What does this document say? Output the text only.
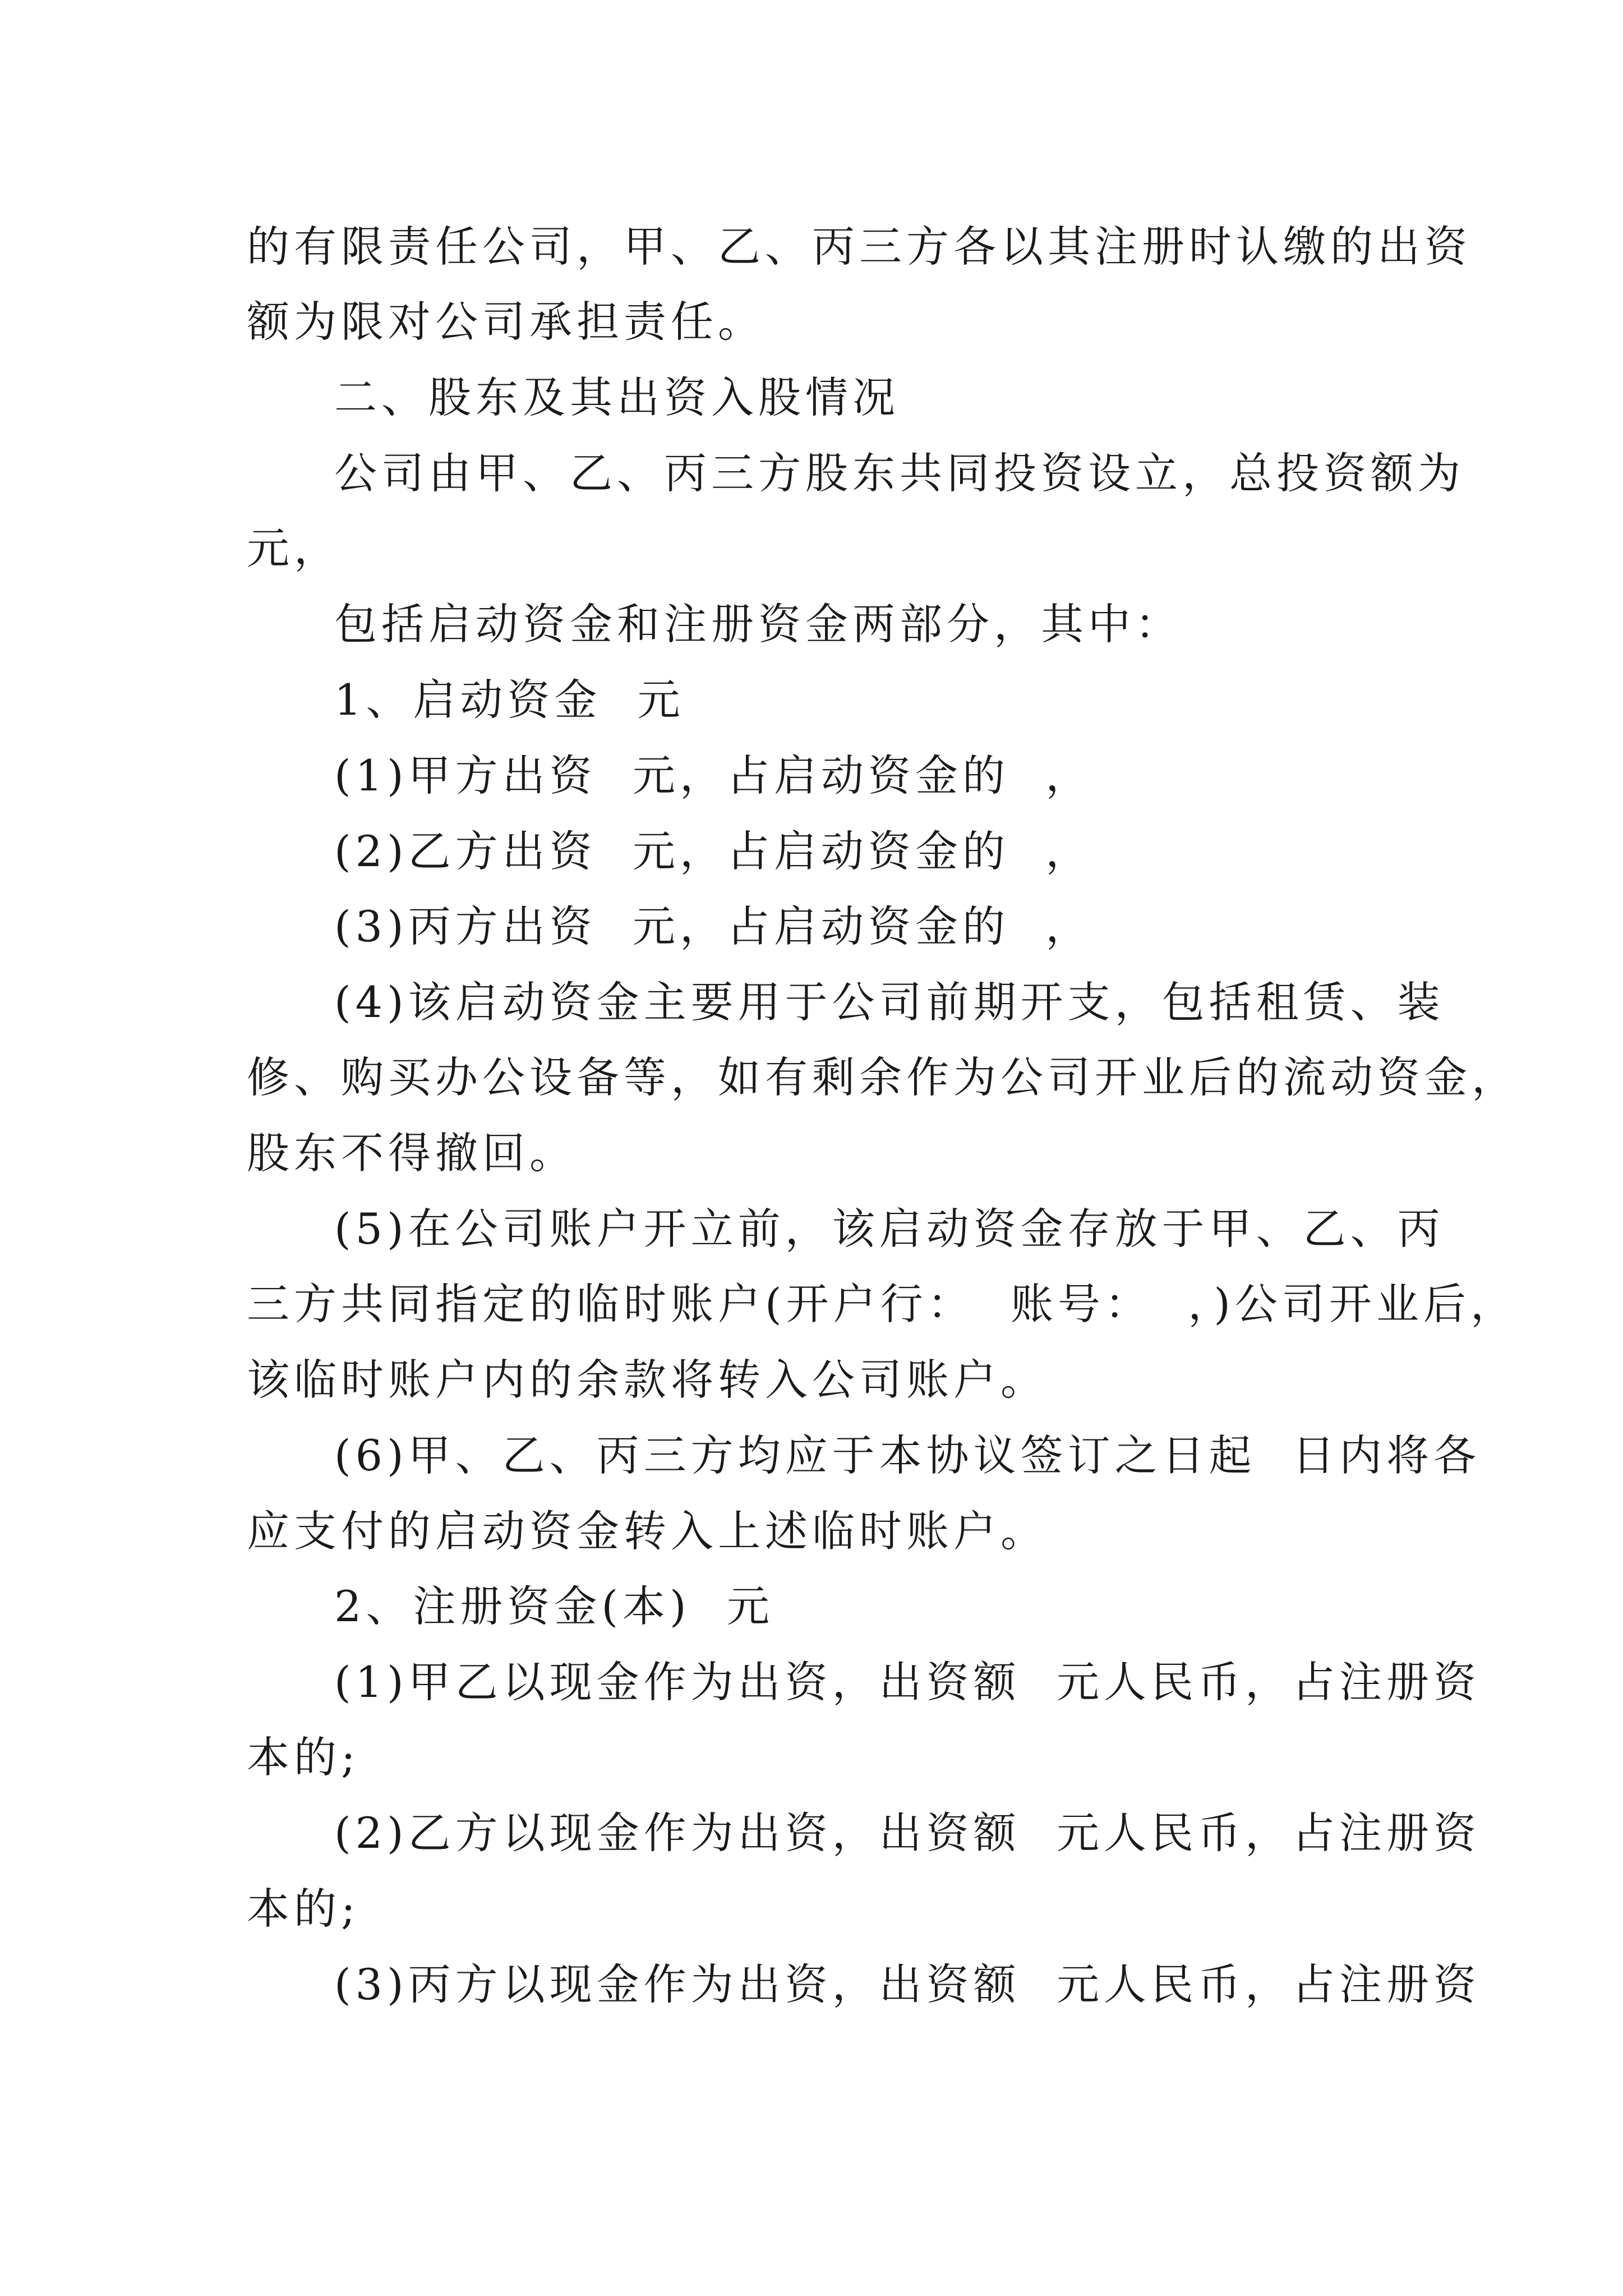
的有限责任公司，甲、乙、丙三方各以其注册时认缴的出资
额为限对公司承担责任。
二、股东及其出资入股情况
公司由甲、乙、丙三方股东共同投资设立，总投资额为
元，
包括启动资金和注册资金两部分，其中：
1、启动资金  元
(1)甲方出资  元，占启动资金的  ，
(2)乙方出资  元，占启动资金的  ，
(3)丙方出资  元，占启动资金的  ，
(4)该启动资金主要用于公司前期开支，包括租赁、装
修、购买办公设备等，如有剩余作为公司开业后的流动资金，
股东不得撤回。
(5)在公司账户开立前，该启动资金存放于甲、乙、丙
三方共同指定的临时账户(开户行：  账号：  ，)公司开业后，
该临时账户内的余款将转入公司账户。
(6)甲、乙、丙三方均应于本协议签订之日起  日内将各
应支付的启动资金转入上述临时账户。
2、注册资金(本)  元
(1)甲乙以现金作为出资，出资额  元人民币，占注册资
本的;
(2)乙方以现金作为出资，出资额  元人民币，占注册资
本的;
(3)丙方以现金作为出资，出资额  元人民币，占注册资
